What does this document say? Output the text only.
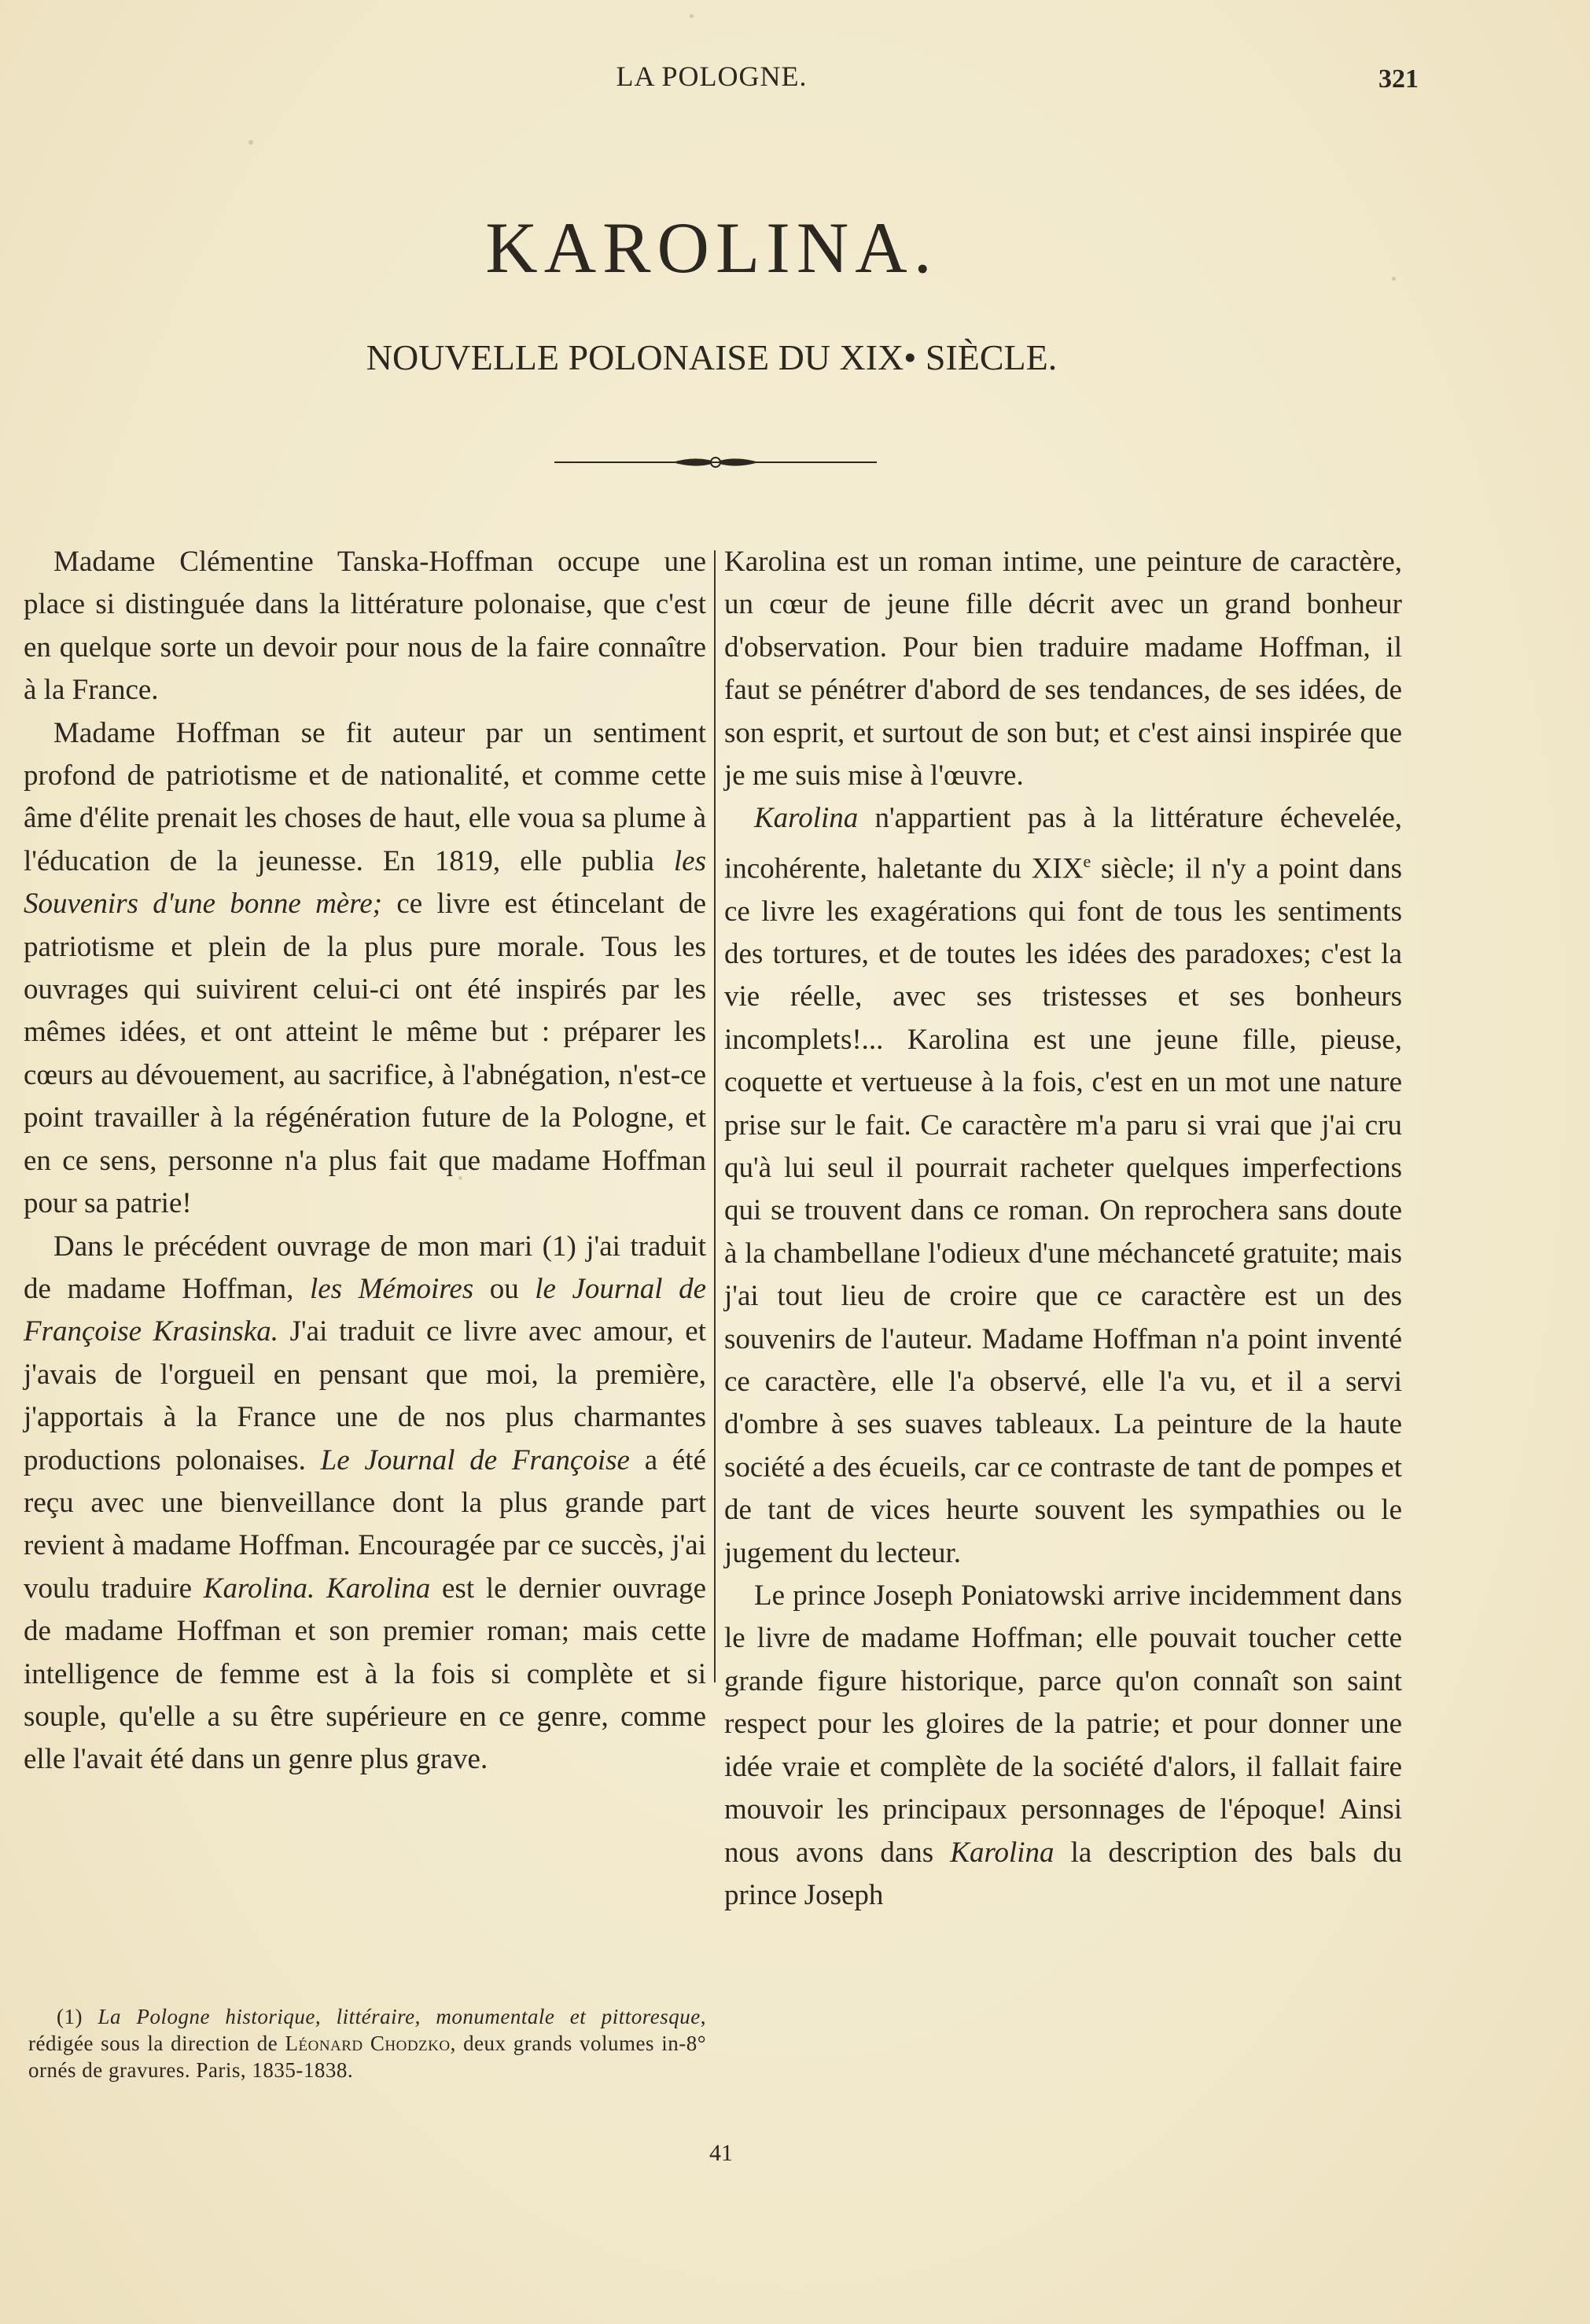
LA POLOGNE.	321
KAROLINA.
NOUVELLE POLONAISE DU XIX• SIÈCLE.

Madame Clémentine Tanska-Hoffman occupe une place si distinguée dans la littérature polonaise, que c'est en quelque sorte un devoir pour nous de la faire connaître à la France.

Madame Hoffman se fit auteur par un sentiment profond de patriotisme et de nationalité, et comme cette âme d'élite prenait les choses de haut, elle voua sa plume à l'éducation de la jeunesse. En 1819, elle publia les Souvenirs d'une bonne mère; ce livre est étincelant de patriotisme et plein de la plus pure morale. Tous les ouvrages qui suivirent celui-ci ont été inspirés par les mêmes idées, et ont atteint le même but : préparer les cœurs au dévouement, au sacrifice, à l'abnégation, n'est-ce point travailler à la régénération future de la Pologne, et en ce sens, personne n'a plus fait que madame Hoffman pour sa patrie!

Dans le précédent ouvrage de mon mari (1) j'ai traduit de madame Hoffman, les Mémoires ou le Journal de Françoise Krasinska. J'ai traduit ce livre avec amour, et j'avais de l'orgueil en pensant que moi, la première, j'apportais à la France une de nos plus charmantes productions polonaises. Le Journal de Françoise a été reçu avec une bienveillance dont la plus grande part revient à madame Hoffman. Encouragée par ce succès, j'ai voulu traduire Karolina. Karolina est le dernier ouvrage de madame Hoffman et son premier roman; mais cette intelligence de femme est à la fois si complète et si souple, qu'elle a su être supérieure en ce genre, comme elle l'avait été dans un genre plus grave.

Karolina est un roman intime, une peinture de caractère, un cœur de jeune fille décrit avec un grand bonheur d'observation. Pour bien traduire madame Hoffman, il faut se pénétrer d'abord de ses tendances, de ses idées, de son esprit, et surtout de son but; et c'est ainsi inspirée que je me suis mise à l'œuvre.

Karolina n'appartient pas à la littérature échevelée, incohérente, haletante du XIXe siècle; il n'y a point dans ce livre les exagérations qui font de tous les sentiments des tortures, et de toutes les idées des paradoxes; c'est la vie réelle, avec ses tristesses et ses bonheurs incomplets!... Karolina est une jeune fille, pieuse, coquette et vertueuse à la fois, c'est en un mot une nature prise sur le fait. Ce caractère m'a paru si vrai que j'ai cru qu'à lui seul il pourrait racheter quelques imperfections qui se trouvent dans ce roman. On reprochera sans doute à la chambellane l'odieux d'une méchanceté gratuite; mais j'ai tout lieu de croire que ce caractère est un des souvenirs de l'auteur. Madame Hoffman n'a point inventé ce caractère, elle l'a observé, elle l'a vu, et il a servi d'ombre à ses suaves tableaux. La peinture de la haute société a des écueils, car ce contraste de tant de pompes et de tant de vices heurte souvent les sympathies ou le jugement du lecteur.

Le prince Joseph Poniatowski arrive incidemment dans le livre de madame Hoffman; elle pouvait toucher cette grande figure historique, parce qu'on connaît son saint respect pour les gloires de la patrie; et pour donner une idée vraie et complète de la société d'alors, il fallait faire mouvoir les principaux personnages de l'époque! Ainsi nous avons dans Karolina la description des bals du prince Joseph

(1) La Pologne historique, littéraire, monumentale et pittoresque, rédigée sous la direction de Léonard Chodzko, deux grands volumes in-8° ornés de gravures. Paris, 1835-1838.
41
